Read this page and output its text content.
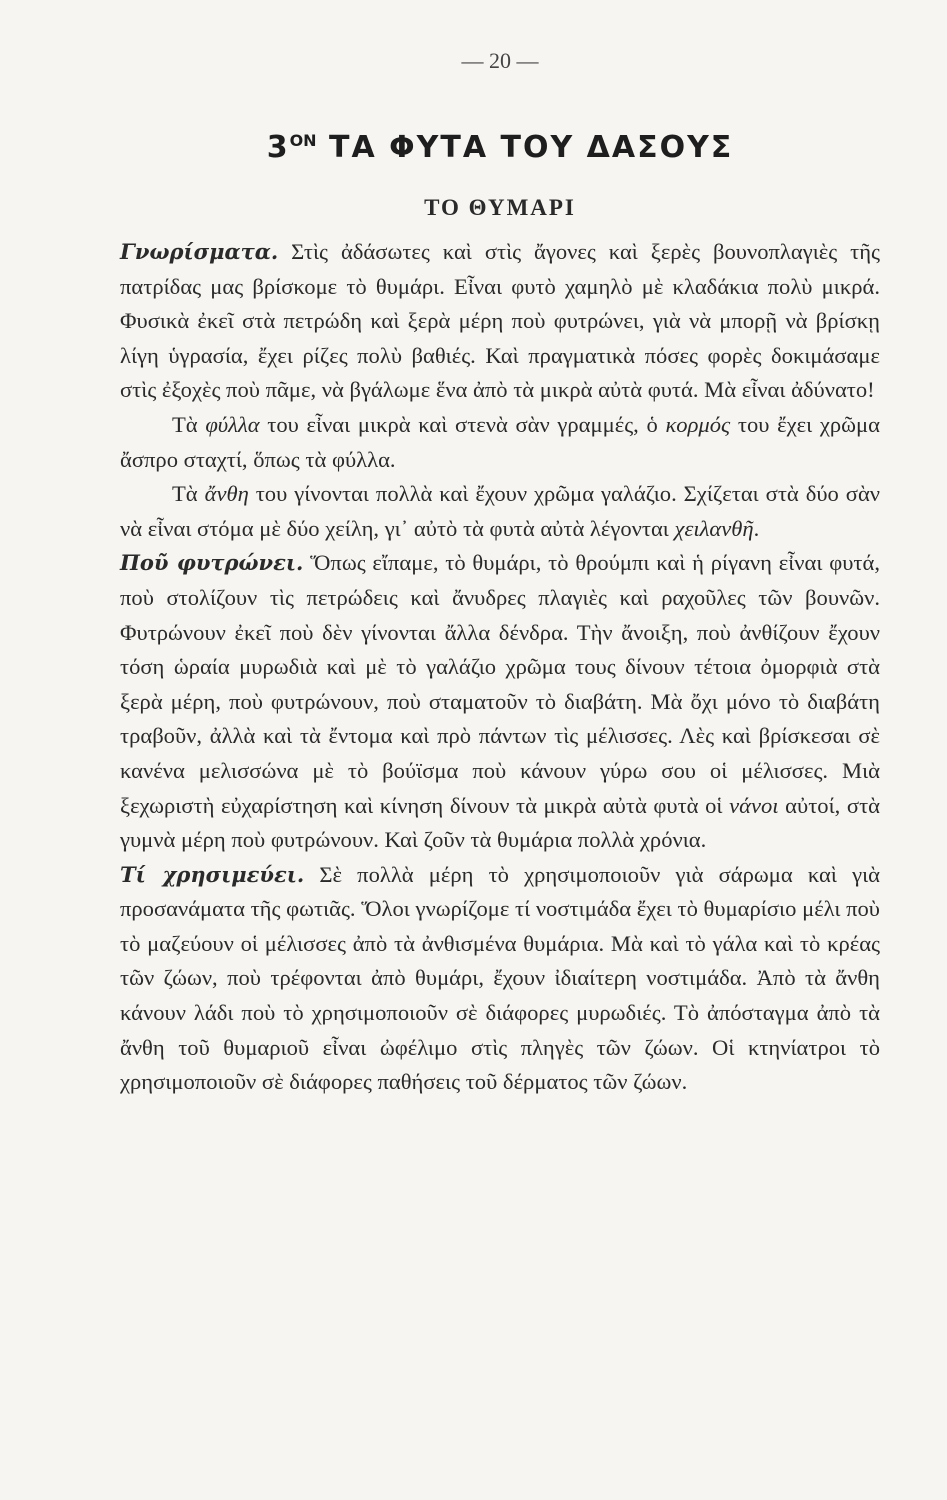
— 20 —
$3^{ON}$ ΤΑ ΦΥΤΑ ΤΟΥ ΔΑΣΟΥΣ
ΤΟ ΘΥΜΑΡΙ

Γνωρίσματα. Στὶς ἀδάσωτες καὶ στὶς ἄγονες καὶ ξερὲς βουνοπλαγιὲς τῆς πατρίδας μας βρίσκομε τὸ θυμάρι. Εἶναι φυτὸ χαμηλὸ μὲ κλαδάκια πολὺ μικρά. Φυσικὰ ἐκεῖ στὰ πετρώδη καὶ ξερὰ μέρη ποὺ φυτρώνει, γιὰ νὰ μπορῇ νὰ βρίσκῃ λίγη ὑγρασία, ἔχει ρίζες πολὺ βαθιές. Καὶ πραγματικὰ πόσες φορὲς δοκιμάσαμε στὶς ἐξοχὲς ποὺ πᾶμε, νὰ βγάλωμε ἕνα ἀπὸ τὰ μικρὰ αὐτὰ φυτά. Μὰ εἶναι ἀδύνατο!

Τὰ φύλλα του εἶναι μικρὰ καὶ στενὰ σὰν γραμμές, ὁ κορμός του ἔχει χρῶμα ἄσπρο σταχτί, ὅπως τὰ φύλλα.

Τὰ ἄνθη του γίνονται πολλὰ καὶ ἔχουν χρῶμα γαλάζιο. Σχίζεται στὰ δύο σὰν νὰ εἶναι στόμα μὲ δύο χείλη, γι᾿ αὐτὸ τὰ φυτὰ αὐτὰ λέγονται χειλανθῆ.

Ποῦ φυτρώνει. Ὅπως εἴπαμε, τὸ θυμάρι, τὸ θρούμπι καὶ ἡ ρίγανη εἶναι φυτά, ποὺ στολίζουν τὶς πετρώδεις καὶ ἄνυδρες πλαγιὲς καὶ ραχοῦλες τῶν βουνῶν. Φυτρώνουν ἐκεῖ ποὺ δὲν γίνονται ἄλλα δένδρα. Τὴν ἄνοιξη, ποὺ ἀνθίζουν ἔχουν τόση ὡραία μυρωδιὰ καὶ μὲ τὸ γαλάζιο χρῶμα τους δίνουν τέτοια ὀμορφιὰ στὰ ξερὰ μέρη, ποὺ φυτρώνουν, ποὺ σταματοῦν τὸ διαβάτη. Μὰ ὄχι μόνο τὸ διαβάτη τραβοῦν, ἀλλὰ καὶ τὰ ἔντομα καὶ πρὸ πάντων τὶς μέλισσες. Λὲς καὶ βρίσκεσαι σὲ κανένα μελισσώνα μὲ τὸ βούϊσμα ποὺ κάνουν γύρω σου οἱ μέλισσες. Μιὰ ξεχωριστὴ εὐχαρίστηση καὶ κίνηση δίνουν τὰ μικρὰ αὐτὰ φυτὰ οἱ νάνοι αὐτοί, στὰ γυμνὰ μέρη ποὺ φυτρώνουν. Καὶ ζοῦν τὰ θυμάρια πολλὰ χρόνια.

Τί χρησιμεύει. Σὲ πολλὰ μέρη τὸ χρησιμοποιοῦν γιὰ σάρωμα καὶ γιὰ προσανάματα τῆς φωτιᾶς. Ὅλοι γνωρίζομε τί νοστιμάδα ἔχει τὸ θυμαρίσιο μέλι ποὺ τὸ μαζεύουν οἱ μέλισσες ἀπὸ τὰ ἀνθισμένα θυμάρια. Μὰ καὶ τὸ γάλα καὶ τὸ κρέας τῶν ζώων, ποὺ τρέφονται ἀπὸ θυμάρι, ἔχουν ἰδιαίτερη νοστιμάδα. Ἀπὸ τὰ ἄνθη κάνουν λάδι ποὺ τὸ χρησιμοποιοῦν σὲ διάφορες μυρωδιές. Τὸ ἀπόσταγμα ἀπὸ τὰ ἄνθη τοῦ θυμαριοῦ εἶναι ὠφέλιμο στὶς πληγὲς τῶν ζώων. Οἱ κτηνίατροι τὸ χρησιμοποιοῦν σὲ διάφορες παθήσεις τοῦ δέρματος τῶν ζώων.
